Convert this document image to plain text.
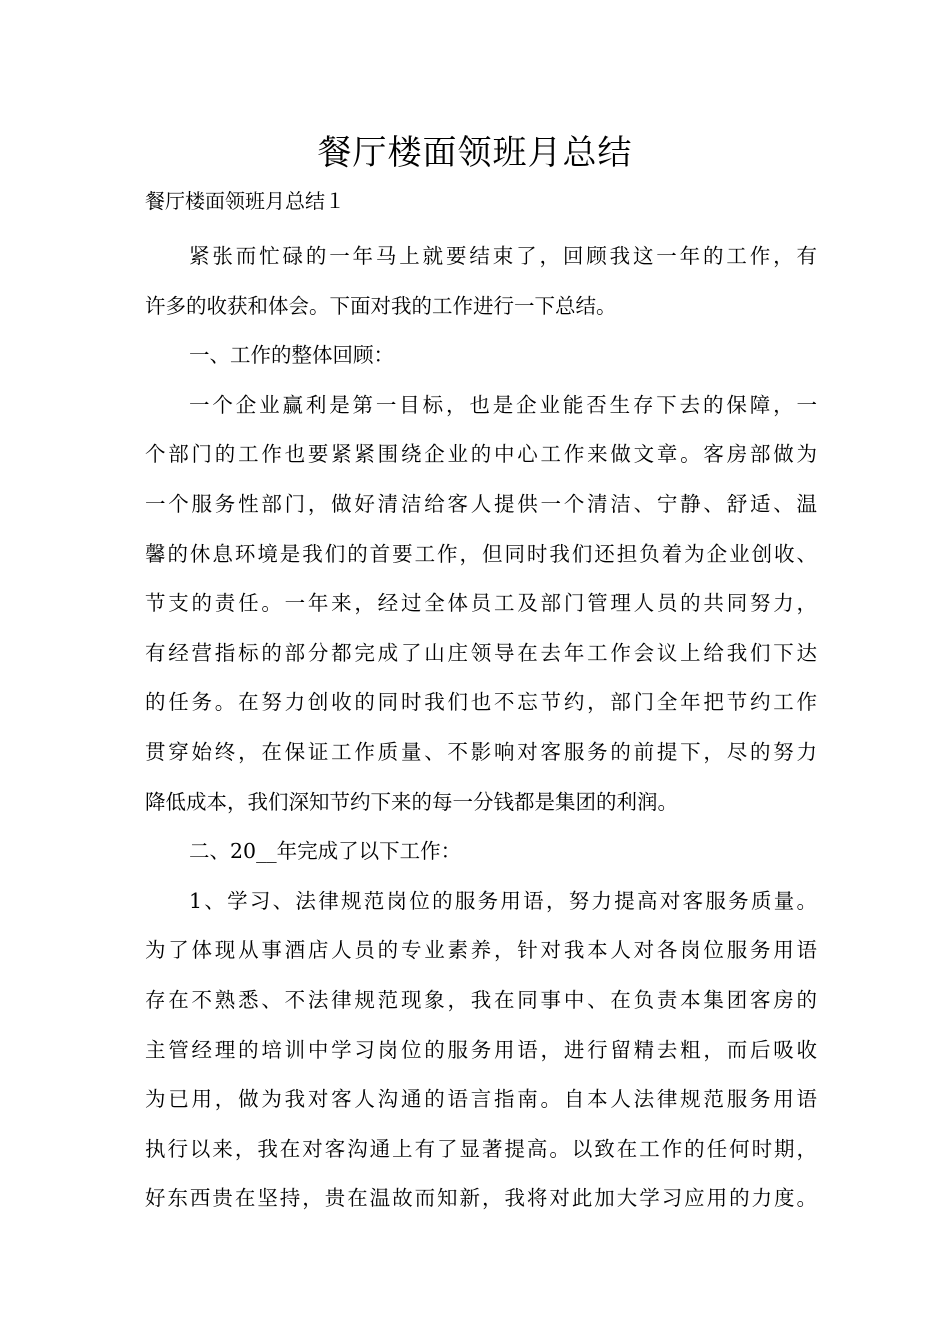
餐厅楼面领班月总结

餐厅楼面领班月总结１

紧张而忙碌的一年马上就要结束了，回顾我这一年的工作，有
许多的收获和体会。下面对我的工作进行一下总结。
一、工作的整体回顾：
一个企业赢利是第一目标，也是企业能否生存下去的保障，一
个部门的工作也要紧紧围绕企业的中心工作来做文章。客房部做为
一个服务性部门，做好清洁给客人提供一个清洁、宁静、舒适、温
馨的休息环境是我们的首要工作，但同时我们还担负着为企业创收、
节支的责任。一年来，经过全体员工及部门管理人员的共同努力，
有经营指标的部分都完成了山庄领导在去年工作会议上给我们下达
的任务。在努力创收的同时我们也不忘节约，部门全年把节约工作
贯穿始终，在保证工作质量、不影响对客服务的前提下，尽的努力
降低成本，我们深知节约下来的每一分钱都是集团的利润。
二、20__年完成了以下工作：
1、学习、法律规范岗位的服务用语，努力提高对客服务质量。
为了体现从事酒店人员的专业素养，针对我本人对各岗位服务用语
存在不熟悉、不法律规范现象，我在同事中、在负责本集团客房的
主管经理的培训中学习岗位的服务用语，进行留精去粗，而后吸收
为已用，做为我对客人沟通的语言指南。自本人法律规范服务用语
执行以来，我在对客沟通上有了显著提高。以致在工作的任何时期，
好东西贵在坚持，贵在温故而知新，我将对此加大学习应用的力度。
